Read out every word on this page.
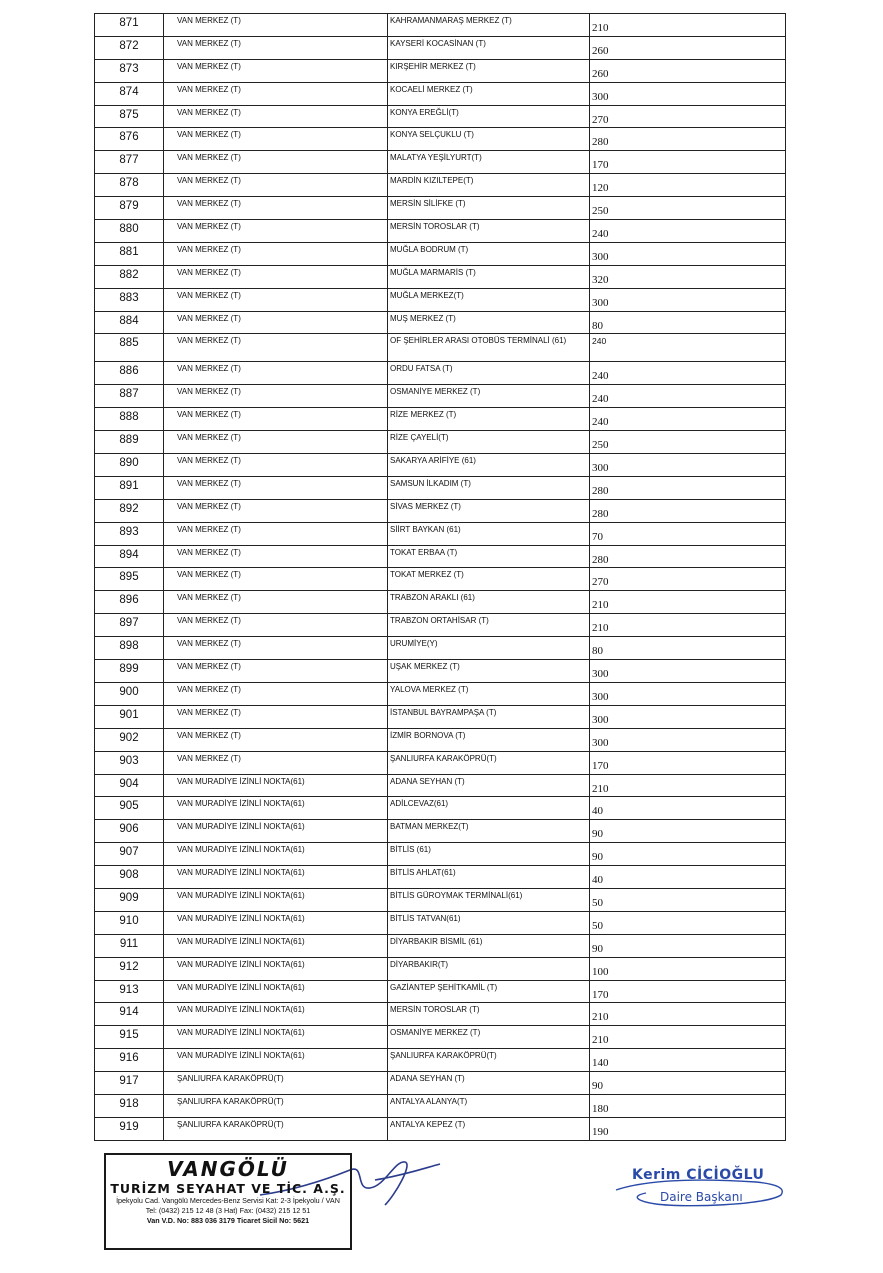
871	VAN MERKEZ (T)	KAHRAMANMARAŞ MERKEZ (T)	210
872	VAN MERKEZ (T)	KAYSERİ KOCASİNAN (T)	260
873	VAN MERKEZ (T)	KIRŞEHİR MERKEZ (T)	260
874	VAN MERKEZ (T)	KOCAELİ MERKEZ (T)	300
875	VAN MERKEZ (T)	KONYA EREĞLİ(T)	270
876	VAN MERKEZ (T)	KONYA SELÇUKLU (T)	280
877	VAN MERKEZ (T)	MALATYA YEŞİLYURT(T)	170
878	VAN MERKEZ (T)	MARDİN KIZILTEPE(T)	120
879	VAN MERKEZ (T)	MERSİN SİLİFKE (T)	250
880	VAN MERKEZ (T)	MERSİN TOROSLAR (T)	240
881	VAN MERKEZ (T)	MUĞLA BODRUM (T)	300
882	VAN MERKEZ (T)	MUĞLA MARMARİS (T)	320
883	VAN MERKEZ (T)	MUĞLA MERKEZ(T)	300
884	VAN MERKEZ (T)	MUŞ MERKEZ (T)	80
885	VAN MERKEZ (T)	OF ŞEHİRLER ARASI OTOBÜS TERMİNALİ (61)	240
886	VAN MERKEZ (T)	ORDU FATSA (T)	240
887	VAN MERKEZ (T)	OSMANİYE MERKEZ (T)	240
888	VAN MERKEZ (T)	RİZE MERKEZ (T)	240
889	VAN MERKEZ (T)	RİZE ÇAYELİ(T)	250
890	VAN MERKEZ (T)	SAKARYA ARİFİYE (61)	300
891	VAN MERKEZ (T)	SAMSUN İLKADIM (T)	280
892	VAN MERKEZ (T)	SİVAS MERKEZ (T)	280
893	VAN MERKEZ (T)	SİİRT BAYKAN (61)	70
894	VAN MERKEZ (T)	TOKAT ERBAA (T)	280
895	VAN MERKEZ (T)	TOKAT MERKEZ (T)	270
896	VAN MERKEZ (T)	TRABZON ARAKLI (61)	210
897	VAN MERKEZ (T)	TRABZON ORTAHİSAR (T)	210
898	VAN MERKEZ (T)	URUMİYE(Y)	80
899	VAN MERKEZ (T)	UŞAK MERKEZ (T)	300
900	VAN MERKEZ (T)	YALOVA MERKEZ (T)	300
901	VAN MERKEZ (T)	İSTANBUL BAYRAMPAŞA (T)	300
902	VAN MERKEZ (T)	İZMİR BORNOVA (T)	300
903	VAN MERKEZ (T)	ŞANLIURFA KARAKÖPRÜ(T)	170
904	VAN MURADİYE İZİNLİ NOKTA(61)	ADANA SEYHAN (T)	210
905	VAN MURADİYE İZİNLİ NOKTA(61)	ADİLCEVAZ(61)	40
906	VAN MURADİYE İZİNLİ NOKTA(61)	BATMAN MERKEZ(T)	90
907	VAN MURADİYE İZİNLİ NOKTA(61)	BİTLİS (61)	90
908	VAN MURADİYE İZİNLİ NOKTA(61)	BİTLİS AHLAT(61)	40
909	VAN MURADİYE İZİNLİ NOKTA(61)	BİTLİS GÜROYMAK TERMİNALİ(61)	50
910	VAN MURADİYE İZİNLİ NOKTA(61)	BİTLİS TATVAN(61)	50
911	VAN MURADİYE İZİNLİ NOKTA(61)	DİYARBAKIR BİSMİL (61)	90
912	VAN MURADİYE İZİNLİ NOKTA(61)	DİYARBAKIR(T)	100
913	VAN MURADİYE İZİNLİ NOKTA(61)	GAZİANTEP ŞEHİTKAMİL (T)	170
914	VAN MURADİYE İZİNLİ NOKTA(61)	MERSİN TOROSLAR (T)	210
915	VAN MURADİYE İZİNLİ NOKTA(61)	OSMANİYE MERKEZ (T)	210
916	VAN MURADİYE İZİNLİ NOKTA(61)	ŞANLIURFA KARAKÖPRÜ(T)	140
917	ŞANLIURFA KARAKÖPRÜ(T)	ADANA SEYHAN (T)	90
918	ŞANLIURFA KARAKÖPRÜ(T)	ANTALYA ALANYA(T)	180
919	ŞANLIURFA KARAKÖPRÜ(T)	ANTALYA KEPEZ (T)	190
VANGÖLÜ
TURİZM SEYAHAT VE TİC. A.Ş.
İpekyolu Cad. Vangölü Mercedes-Benz Servisi Kat: 2-3 İpekyolu / VAN
Tel: (0432) 215 12 48 (3 Hat) Fax: (0432) 215 12 51
Van V.D. No: 883 036 3179 Ticaret Sicil No: 5621
Kerim CİCİOĞLU
Daire Başkanı
